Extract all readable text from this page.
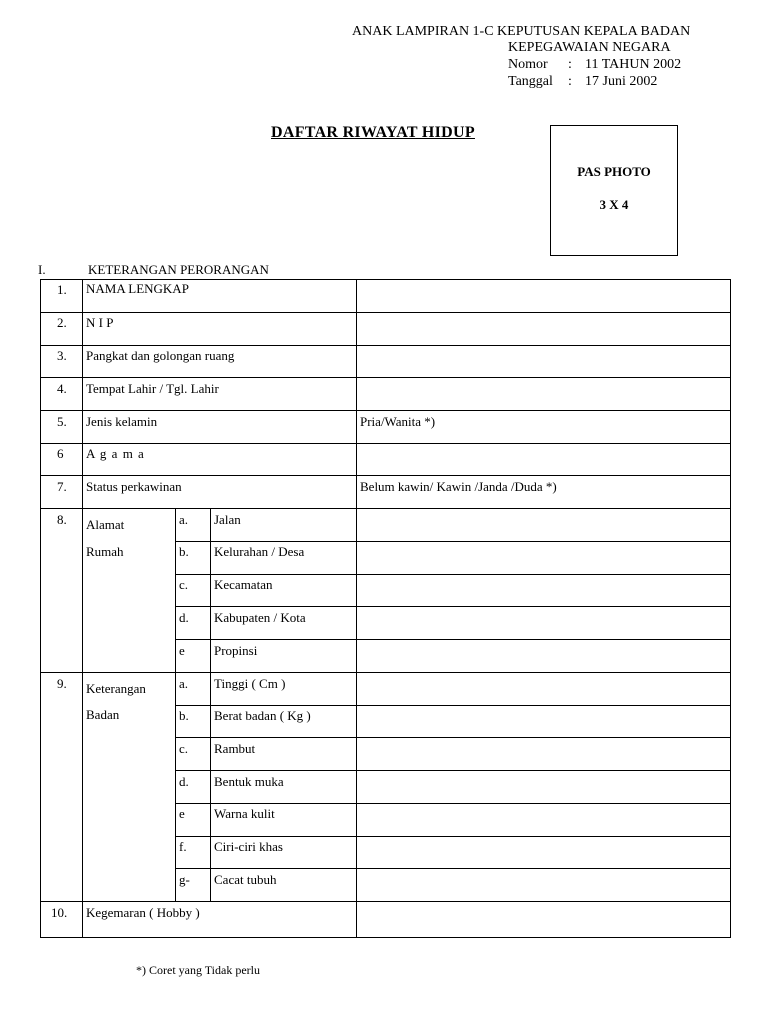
ANAK LAMPIRAN 1-C KEPUTUSAN KEPALA BADAN
KEPEGAWAIAN NEGARA
Nomor : 11 TAHUN 2002
Tanggal : 17 Juni 2002
DAFTAR RIWAYAT HIDUP
PAS PHOTO
3 X 4
I.	KETERANGAN PERORANGAN
1. NAMA LENGKAP
2. N I P
3. Pangkat dan golongan ruang
4. Tempat Lahir / Tgl. Lahir
5. Jenis kelamin	Pria/Wanita *)
6 A g a m a
7. Status perkawinan	Belum kawin/ Kawin /Janda /Duda *)
8. Alamat
Rumah
a. Jalan
b. Kelurahan / Desa
c. Kecamatan
d. Kabupaten / Kota
e Propinsi
9. Keterangan
Badan
a. Tinggi ( Cm )
b. Berat badan ( Kg )
c. Rambut
d. Bentuk muka
e Warna kulit
f. Ciri-ciri khas
g- Cacat tubuh
10. Kegemaran ( Hobby )
*) Coret yang Tidak perlu
